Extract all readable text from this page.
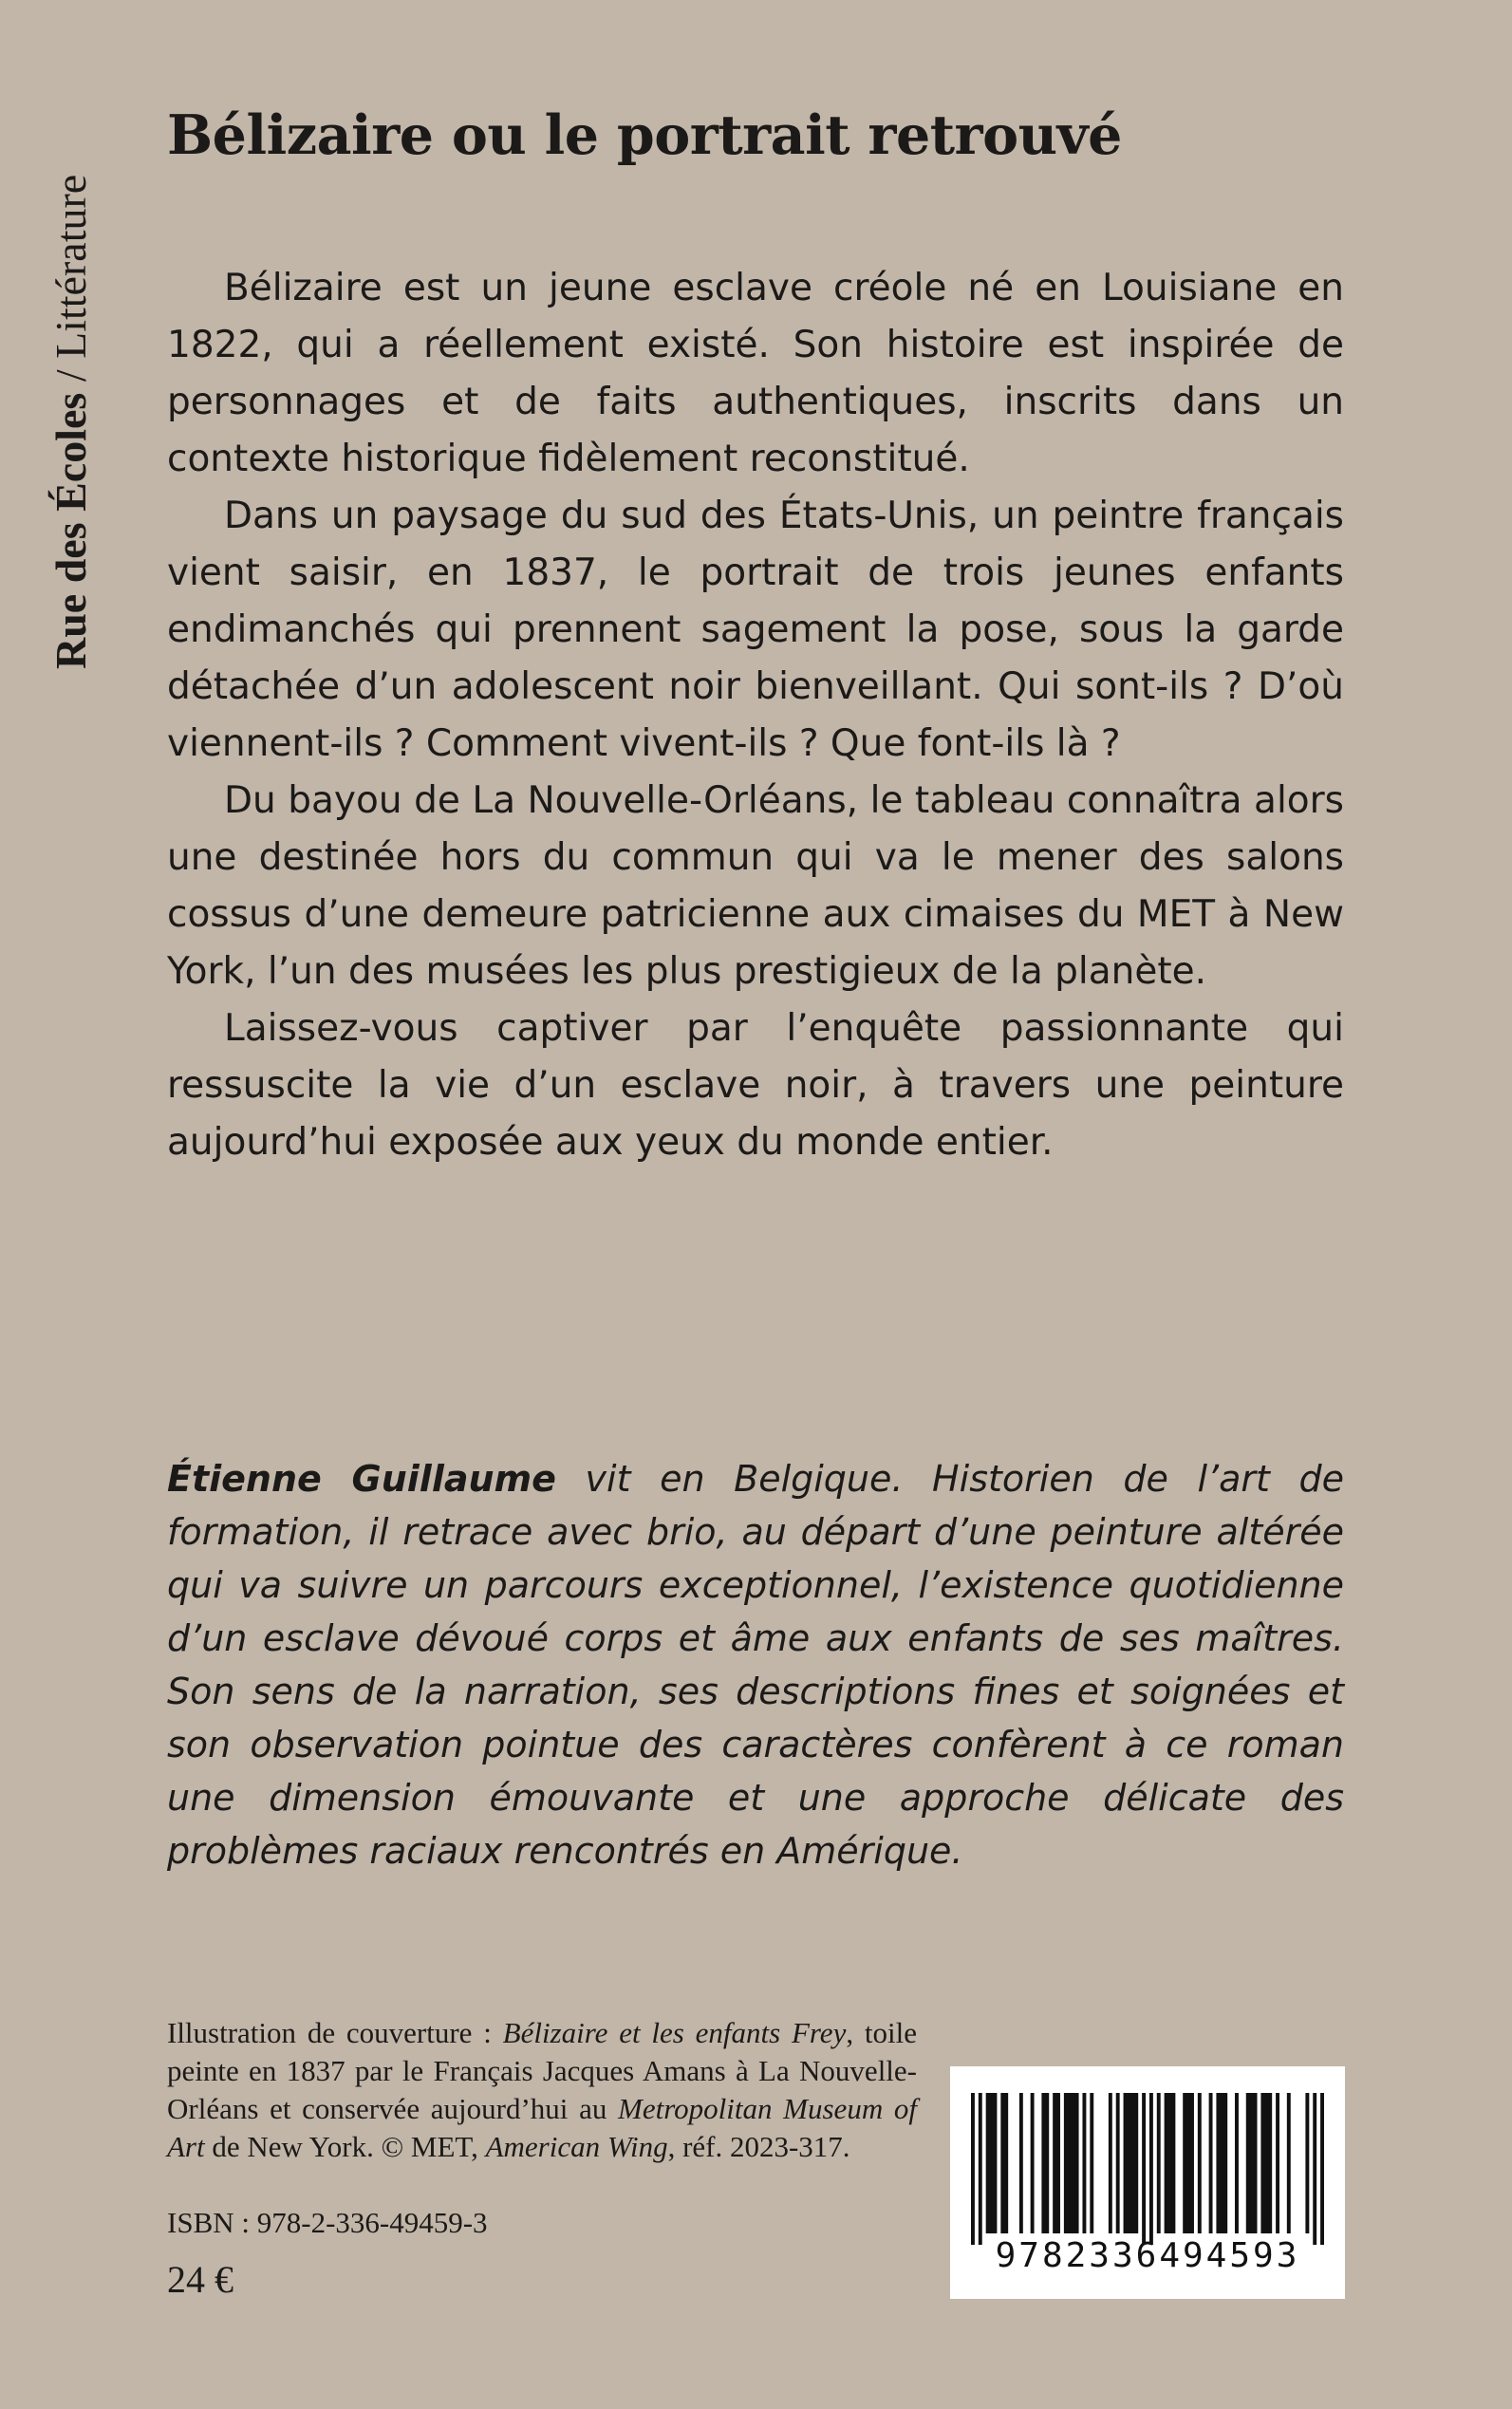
Rue des Écoles / Littérature
Bélizaire ou le portrait retrouvé

Bélizaire est un jeune esclave créole né en Louisiane en 1822, qui a réellement existé. Son histoire est inspirée de personnages et de faits authentiques, inscrits dans un contexte historique fidèlement reconstitué.

Dans un paysage du sud des États-Unis, un peintre français vient saisir, en 1837, le portrait de trois jeunes enfants endimanchés qui prennent sagement la pose, sous la garde détachée d’un adolescent noir bienveillant. Qui sont-ils ? D’où viennent-ils ? Comment vivent-ils ? Que font-ils là ?

Du bayou de La Nouvelle-Orléans, le tableau connaîtra alors une destinée hors du commun qui va le mener des salons cossus d’une demeure patricienne aux cimaises du MET à New York, l’un des musées les plus prestigieux de la planète.

Laissez-vous captiver par l’enquête passionnante qui ressuscite la vie d’un esclave noir, à travers une peinture aujourd’hui exposée aux yeux du monde entier.

Étienne Guillaume vit en Belgique. Historien de l’art de formation, il retrace avec brio, au départ d’une peinture altérée qui va suivre un parcours exceptionnel, l’existence quotidienne d’un esclave dévoué corps et âme aux enfants de ses maîtres. Son sens de la narration, ses descriptions fines et soignées et son observation pointue des caractères confèrent à ce roman une dimension émouvante et une approche délicate des problèmes raciaux rencontrés en Amérique.

Illustration de couverture : Bélizaire et les enfants Frey, toile peinte en 1837 par le Français Jacques Amans à La Nouvelle-Orléans et conservée aujourd’hui au Metropolitan Museum of Art de New York. © MET, American Wing, réf. 2023-317.

ISBN : 978-2-336-49459-3
24 €
9782336494593
